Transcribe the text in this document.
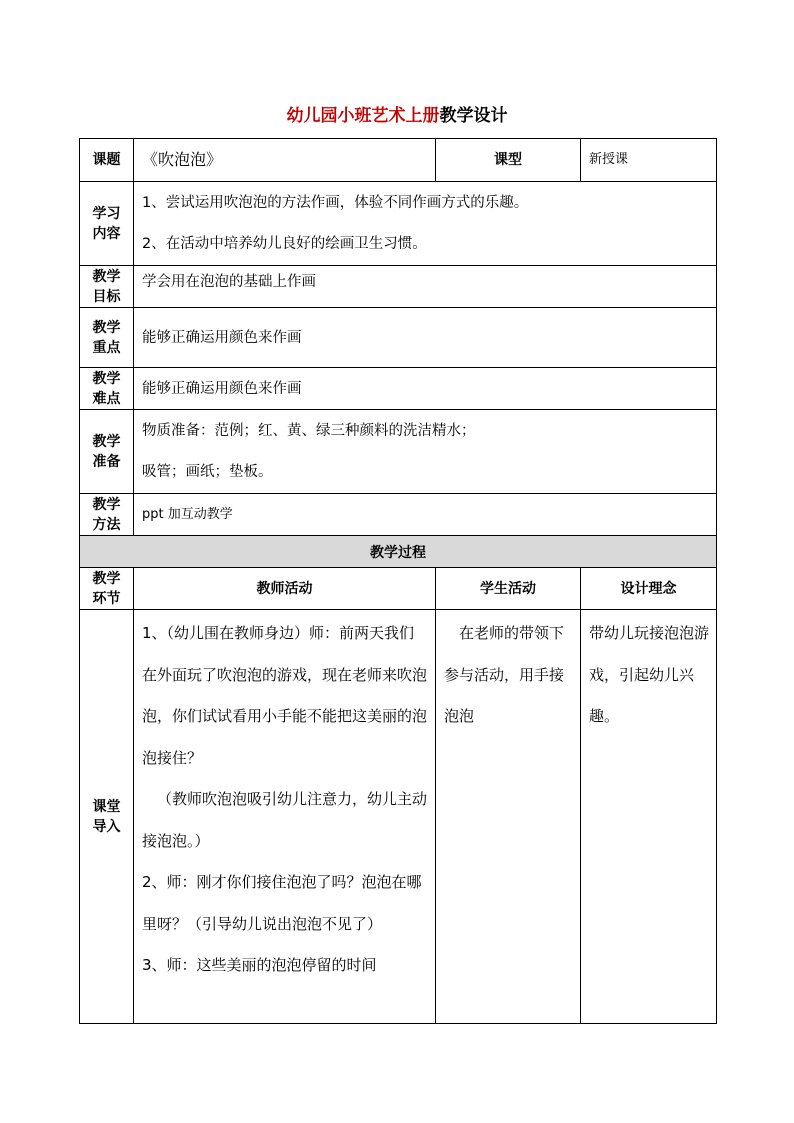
幼儿园小班艺术上册教学设计
课题	《吹泡泡》	课型	新授课

学习
内容	1、尝试运用吹泡泡的方法作画，体验不同作画方式的乐趣。
2、在活动中培养幼儿良好的绘画卫生习惯。		

教学
目标	学会用在泡泡的基础上作画		

教学
重点	能够正确运用颜色来作画		

教学
难点	能够正确运用颜色来作画		

教学
准备	物质准备：范例；红、黄、绿三种颜料的洗洁精水；
吸管；画纸；垫板。		

教学
方法	ppt 加互动教学		
教学过程			

教学
环节	教师活动	学生活动	设计理念

课堂
导入	1、（幼儿围在教师身边）师：前两天我们在外面玩了吹泡泡的游戏，现在老师来吹泡泡，你们试试看用小手能不能把这美丽的泡泡接住？
（教师吹泡泡吸引幼儿注意力，幼儿主动接泡泡。）
2、师：刚才你们接住泡泡了吗？泡泡在哪里呀？（引导幼儿说出泡泡不见了）
3、师：这些美丽的泡泡停留的时间	在老师的带领下参与活动，用手接泡泡	带幼儿玩接泡泡游戏，引起幼儿兴趣。
